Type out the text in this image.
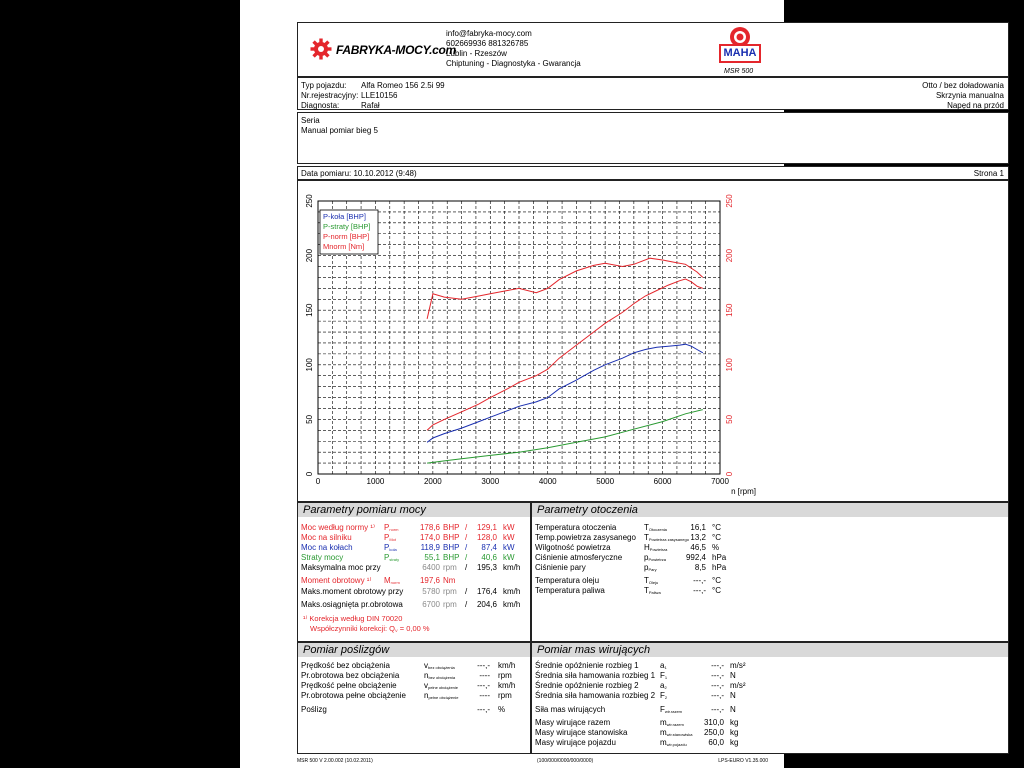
FABRYKA-MOCY.com
info@fabryka-mocy.com
602669936 881326785
Lublin - Rzeszów
Chiptuning - Diagnostyka - Gwarancja
MAHA
MSR 500
Typ pojazdu: Alfa Romeo 156 2.5i 99
Nr.rejestracyjny: LLE10156
Diagnosta:	Rafał
Otto / bez doładowania
Skrzynia manualna
Napęd na przód
Seria
Manual pomiar bieg 5
Data pomiaru: 10.10.2012 (9:48)	Strona 1
0	1000	2000	3000	4000	5000	6000	7000
n [rpm]
0	0
50	50
100	100
150	150
200	200
250	250
P-koła [BHP]
P-straty [BHP]
P-norm [BHP]
Mnorm [Nm]
Parametry pomiaru mocy
Moc według normy ¹⁾ $P_{norm}$	178,6 BHP /	129,1 kW
Moc na silniku	$P_{Mot}$	174,0 BHP /	128,0 kW
Moc na kołach	$P_{koła}$	118,9 BHP /	87,4 kW
Straty mocy	$P_{straty}$	55,1 BHP /	40,6 kW
Maksymalna moc przy	6400 rpm /	195,3 km/h
Moment obrotowy ¹⁾ $M_{norm}$	197,6 Nm
Maks.moment obrotowy przy	5780 rpm /	176,4 km/h
Maks.osiągnięta pr.obrotowa	6700 rpm /	204,6 km/h
¹⁾ Korekcja według DIN 70020
Współczynniki korekcji: $Q_V = 0,00$ %
Parametry otoczenia
Temperatura otoczenia	$T_{Otoczenia}$	16,1 °C
Temp.powietrza zasysanego $T_{Powietrza zasysanego}$ 13,2 °C
Wilgotność powietrza	$H_{Powietrza}$	46,5 %
Ciśnienie atmosferyczne	$p_{Powietrza}$	992,4 hPa
Ciśnienie pary	$p_{Pary}$	8,5 hPa
Temperatura oleju	$T_{Oleju}$	---,- °C
Temperatura paliwa	$T_{Paliwa}$	---,- °C
Pomiar poślizgów
Prędkość bez obciążenia	$v_{bez obciążenia}$	---,- km/h
Pr.obrotowa bez obciążenia	$n_{bez obciążenia}$	---- rpm
Prędkość pełne obciążenie	$v_{pełne obciążenie}$	---,- km/h
Pr.obrotowa pełne obciążenie $n_{pełne obciążenie}$	---- rpm
Poślizg	---,- %
Pomiar mas wirujących
Średnie opóźnienie rozbieg 1	$a_1$	---,- m/s²
Średnia siła hamowania rozbieg 1 $F_1$	---,- N
Średnie opóźnienie rozbieg 2	$a_2$	---,- m/s²
Średnia siła hamowania rozbieg 2 $F_2$	---,- N
Siła mas wirujących	$F_{wir.razem}$	---,- N
Masy wirujące razem	$m_{wir.razem}$	310,0 kg
Masy wirujące stanowiska	$m_{wir.stanowiska}$	250,0 kg
Masy wirujące pojazdu	$m_{wir.pojazdu}$	60,0 kg
MSR 500 V 2.00.002 (10.02.2011)	(100/000/0000/000/0000)	LPS-EURO V1.35.000
